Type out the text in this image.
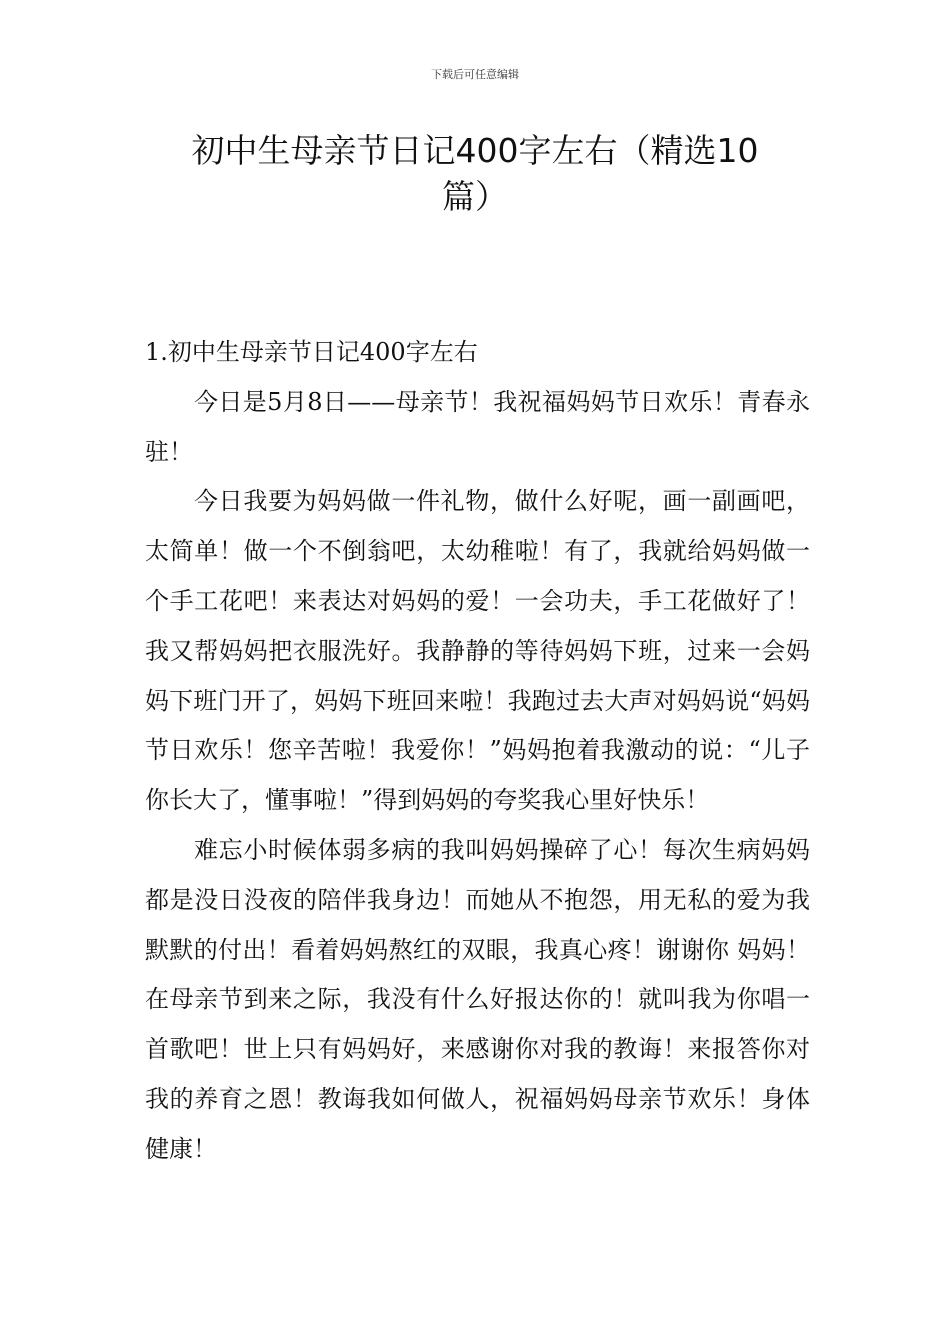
下载后可任意编辑
初中生母亲节日记400字左右（精选10
篇）

1.初中生母亲节日记400字左右

今日是5月8日——母亲节！我祝福妈妈节日欢乐！青春永驻！

今日我要为妈妈做一件礼物，做什么好呢，画一副画吧，太简单！做一个不倒翁吧，太幼稚啦！有了，我就给妈妈做一个手工花吧！来表达对妈妈的爱！一会功夫，手工花做好了！我又帮妈妈把衣服洗好。我静静的等待妈妈下班，过来一会妈妈下班门开了，妈妈下班回来啦！我跑过去大声对妈妈说“妈妈节日欢乐！您辛苦啦！我爱你！”妈妈抱着我激动的说：“儿子你长大了，懂事啦！”得到妈妈的夸奖我心里好快乐！

难忘小时候体弱多病的我叫妈妈操碎了心！每次生病妈妈都是没日没夜的陪伴我身边！而她从不抱怨，用无私的爱为我默默的付出！看着妈妈熬红的双眼，我真心疼！谢谢你 妈妈！在母亲节到来之际，我没有什么好报达你的！就叫我为你唱一首歌吧！世上只有妈妈好，来感谢你对我的教诲！来报答你对我的养育之恩！教诲我如何做人，祝福妈妈母亲节欢乐！身体健康！
